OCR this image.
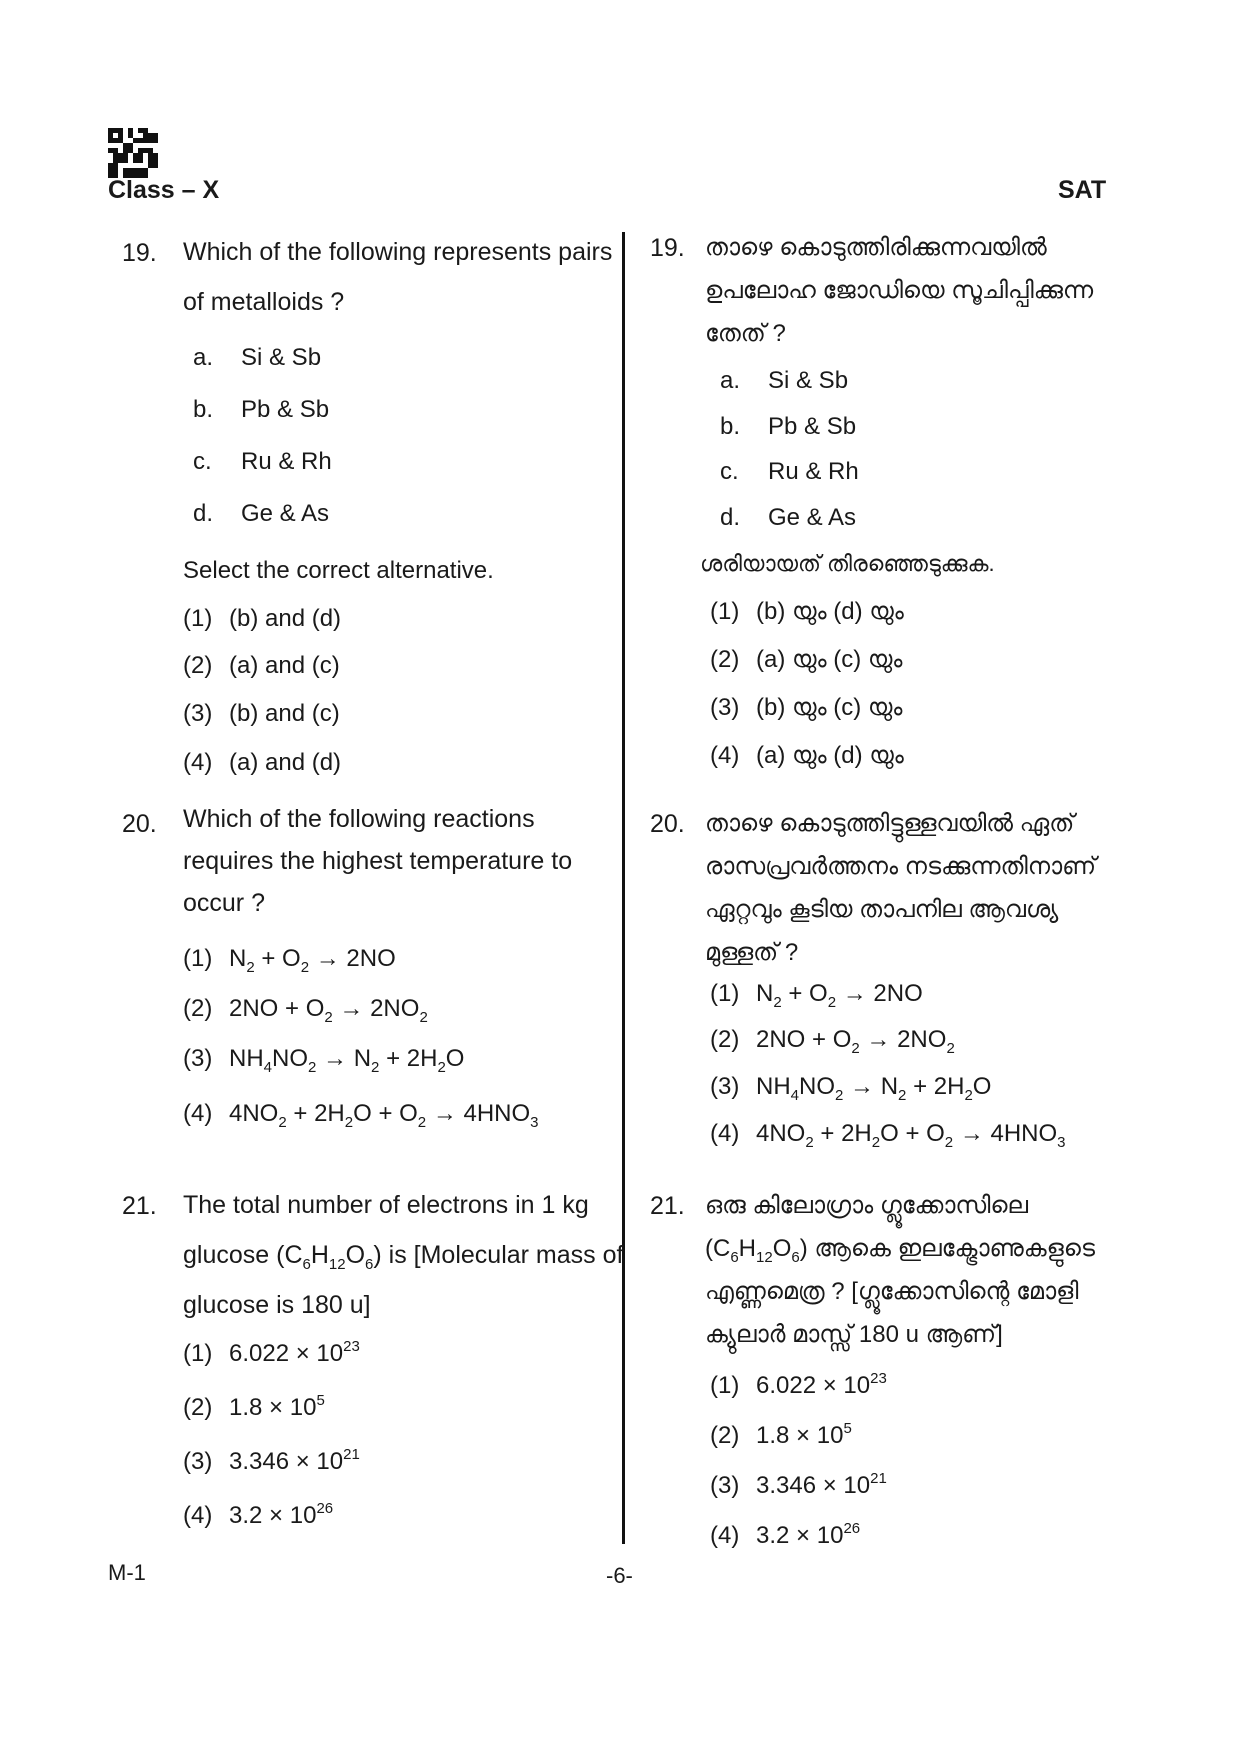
Class – X	SAT
19. Which of the following represents pairs of metalloids ?
a. Si & Sb
b. Pb & Sb
c. Ru & Rh
d. Ge & As
Select the correct alternative.
(1) (b) and (d)
(2) (a) and (c)
(3) (b) and (c)
(4) (a) and (d)
20. Which of the following reactions requires the highest temperature to occur ?
(1) $N_2 + O_2 \to 2NO$
(2) $2NO + O_2 \to 2NO_2$
(3) $NH_4NO_2 \to N_2 + 2H_2O$
(4) $4NO_2 + 2H_2O + O_2 \to 4HNO_3$
21. The total number of electrons in 1 kg
glucose $(C_6H_{12}O_6)$ is [Molecular mass of
glucose is 180 u]
(1) $6.022 \times 10^{23}$
(2) $1.8 \times 10^5$
(3) $3.346 \times 10^{21}$
(4) $3.2 \times 10^{26}$
19. താഴെ കൊടുത്തിരിക്കുന്നവയിൽ
ഉപലോഹ ജോഡിയെ സൂചിപ്പിക്കുന്ന
തേത് ?
a. Si & Sb
b. Pb & Sb
c. Ru & Rh
d. Ge & As
ശരിയായത് തിരഞ്ഞെടുക്കുക.
(1) (b) യും (d) യും
(2) (a) യും (c) യും
(3) (b) യും (c) യും
(4) (a) യും (d) യും
20. താഴെ കൊടുത്തിട്ടുള്ളവയിൽ ഏത്
രാസപ്രവർത്തനം നടക്കുന്നതിനാണ്
ഏറ്റവും കൂടിയ താപനില ആവശ്യ
മുള്ളത് ?
(1) $N_2 + O_2 \to 2NO$
(2) $2NO + O_2 \to 2NO_2$
(3) $NH_4NO_2 \to N_2 + 2H_2O$
(4) $4NO_2 + 2H_2O + O_2 \to 4HNO_3$
21. ഒരു കിലോഗ്രാം ഗ്ലൂക്കോസിലെ
$(C_6H_{12}O_6)$ ആകെ ഇലക്ട്രോണുകളുടെ
എണ്ണമെത്ര ? [ഗ്ലൂക്കോസിന്റെ മോളി
ക്യുലാർ മാസ്സ് 180 u ആണ്]
(1) $6.022 \times 10^{23}$
(2) $1.8 \times 10^5$
(3) $3.346 \times 10^{21}$
(4) $3.2 \times 10^{26}$
M-1	-6-
